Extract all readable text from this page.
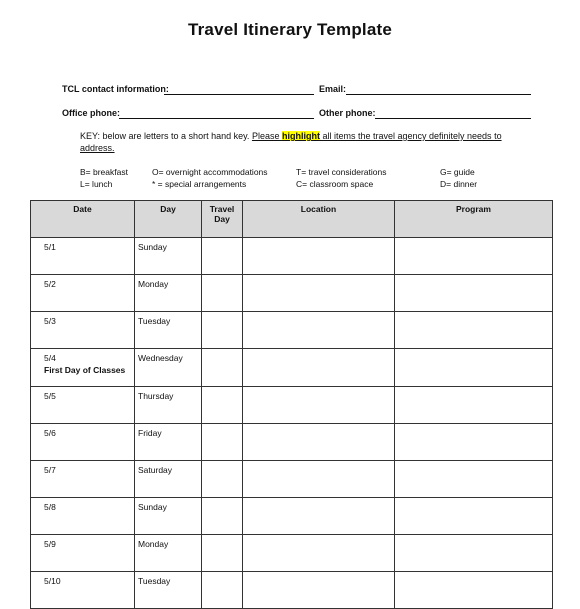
Travel Itinerary Template
TCL contact information:	Email:
Office phone:	Other phone:
KEY: below are letters to a short hand key. Please highlight all items the travel agency definitely needs to address.
B= breakfast
L= lunch
O= overnight accommodations
* = special arrangements
T= travel considerations
C= classroom space
G= guide
D= dinner
Date	Day	Travel Day	Location	Program
5/1	Sunday			
5/2	Monday			
5/3	Tuesday			

5/4
First Day of Classes	Wednesday			
5/5	Thursday			
5/6	Friday			
5/7	Saturday			
5/8	Sunday			
5/9	Monday			
5/10	Tuesday			
